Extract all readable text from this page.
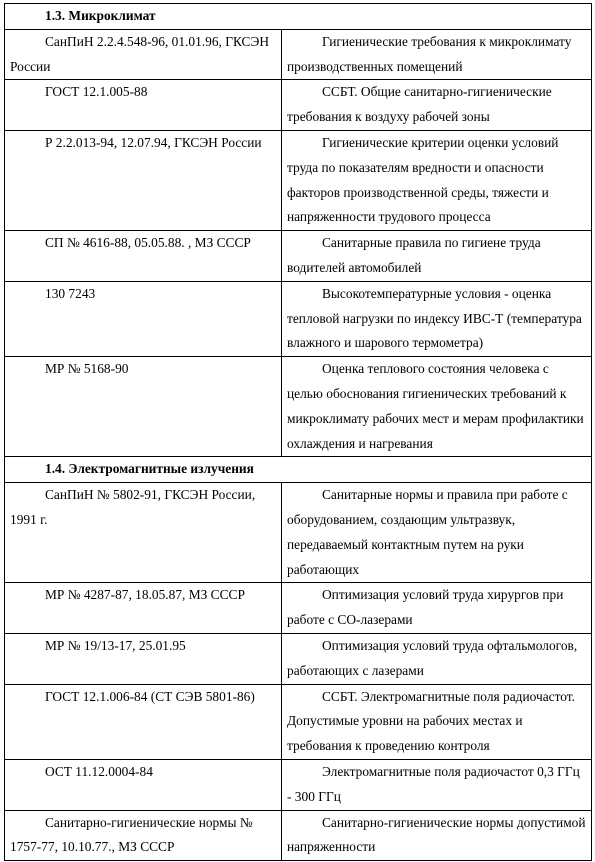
1.3. Микроклимат	
СанПиН 2.2.4.548-96, 01.01.96, ГКСЭН России	Гигиенические требования к микроклимату производственных помещений
ГОСТ 12.1.005-88	ССБТ. Общие санитарно-гигиенические требования к воздуху рабочей зоны
Р 2.2.013-94, 12.07.94, ГКСЭН России	Гигиенические критерии оценки условий труда по показателям вредности и опасности факторов производственной среды, тяжести и напряженности трудового процесса
СП № 4616-88, 05.05.88. , МЗ СССР	Санитарные правила по гигиене труда водителей автомобилей
130 7243	Высокотемпературные условия - оценка тепловой нагрузки по индексу ИВС-Т (температура влажного и шарового термометра)
МР № 5168-90	Оценка теплового состояния человека с целью обоснования гигиенических требований к микроклимату рабочих мест и мерам профилактики охлаждения и нагревания
1.4. Электромагнитные излучения	
СанПиН № 5802-91, ГКСЭН России, 1991 г.	Санитарные нормы и правила при работе с оборудованием, создающим ультразвук, передаваемый контактным путем на руки работающих
МР № 4287-87, 18.05.87, МЗ СССР	Оптимизация условий труда хирургов при работе с СО-лазерами
МР № 19/13-17, 25.01.95	Оптимизация условий труда офтальмологов, работающих с лазерами
ГОСТ 12.1.006-84 (СТ СЭВ 5801-86)	ССБТ. Электромагнитные поля радиочастот. Допустимые уровни на рабочих местах и требования к проведению контроля
ОСТ 11.12.0004-84	Электромагнитные поля радиочастот 0,3 ГГц - 300 ГГц
Санитарно-гигиенические нормы № 1757-77, 10.10.77., МЗ СССР	Санитарно-гигиенические нормы допустимой напряженности
